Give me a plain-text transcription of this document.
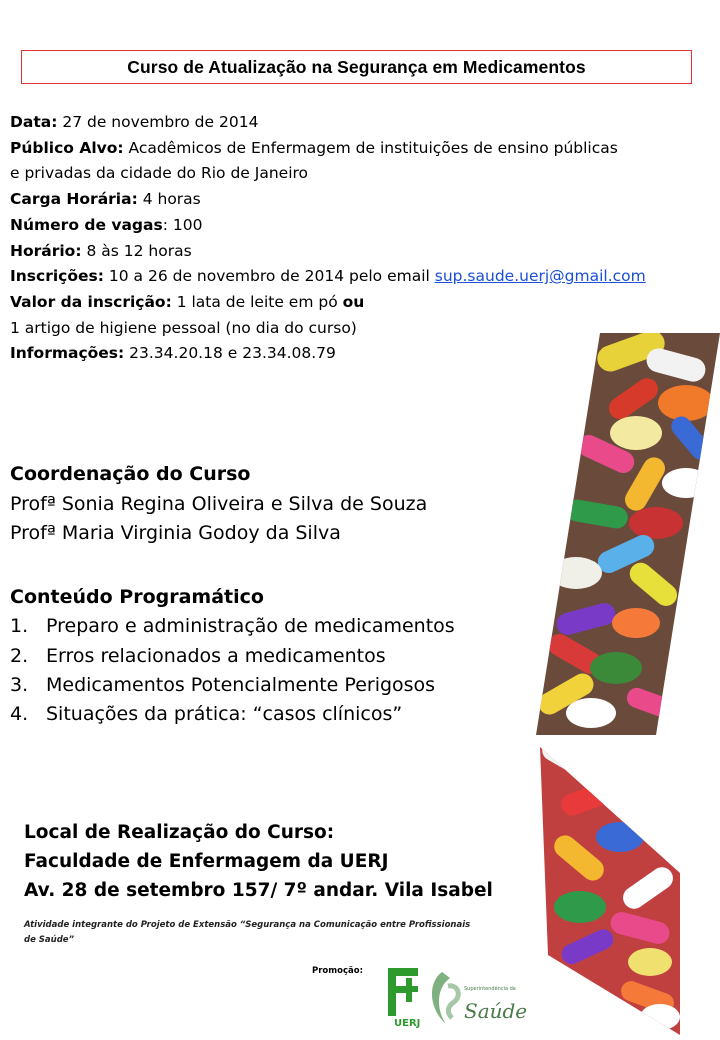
Curso de Atualização na Segurança em Medicamentos
Data: 27 de novembro de 2014
Público Alvo: Acadêmicos de Enfermagem de instituições de ensino públicas
e privadas da cidade do Rio de Janeiro
Carga Horária: 4 horas
Número de vagas: 100
Horário: 8 às 12 horas
Inscrições: 10 a 26 de novembro de 2014 pelo email sup.saude.uerj@gmail.com
Valor da inscrição: 1 lata de leite em pó ou
1 artigo de higiene pessoal (no dia do curso)
Informações: 23.34.20.18 e 23.34.08.79
Coordenação do Curso
Profª Sonia Regina Oliveira e Silva de Souza
Profª Maria Virginia Godoy da Silva
Conteúdo Programático
1. Preparo e administração de medicamentos
2. Erros relacionados a medicamentos
3. Medicamentos Potencialmente Perigosos
4. Situações da prática: “casos clínicos”
Local de Realização do Curso:
Faculdade de Enfermagem da UERJ
Av. 28 de setembro 157/ 7º andar. Vila Isabel
Atividade integrante do Projeto de Extensão “Segurança na Comunicação entre Profissionais de Saúde”
Promoção:
UERJ
Superintendência de
Saúde
